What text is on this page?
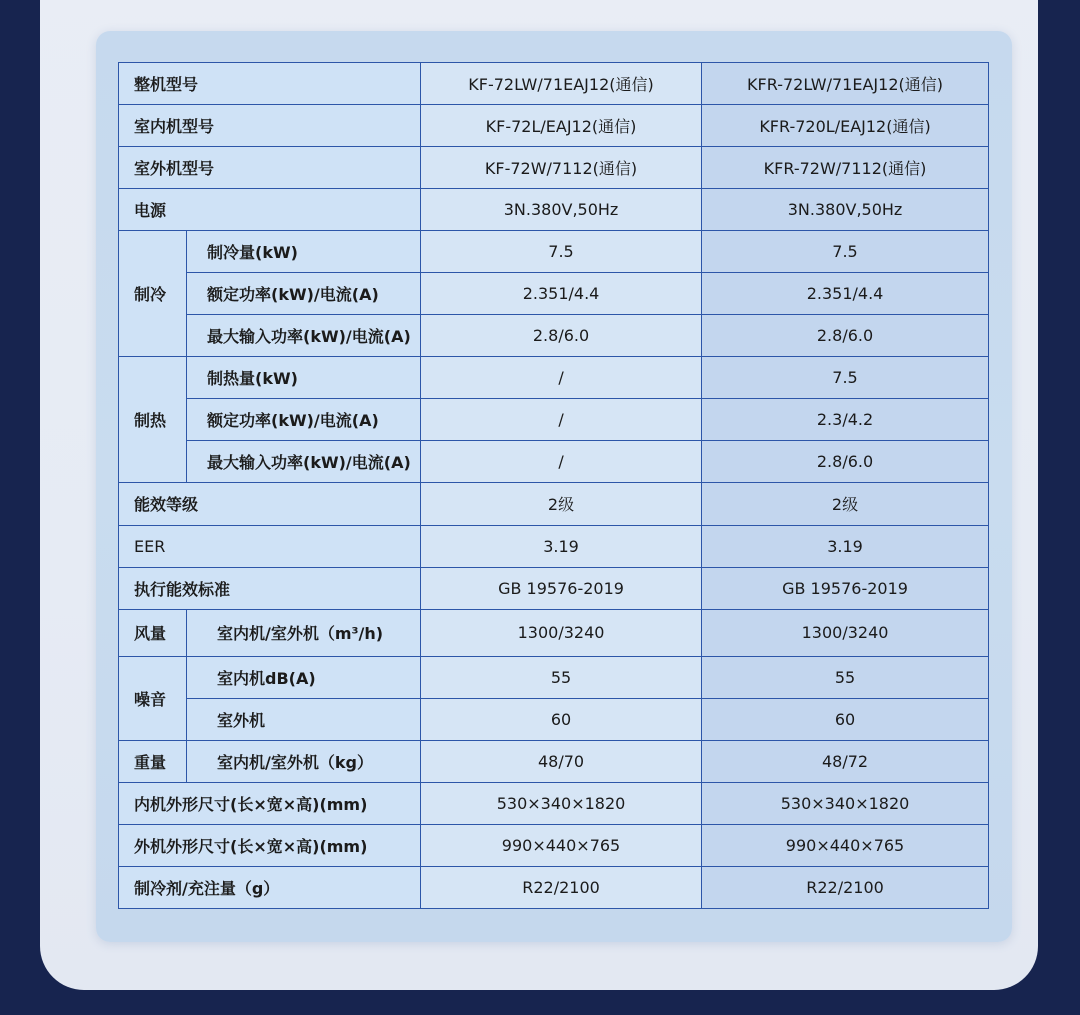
整机型号		KF-72LW/71EAJ12(通信)	KFR-72LW/71EAJ12(通信)
室内机型号		KF-72L/EAJ12(通信)	KFR-720L/EAJ12(通信)
室外机型号		KF-72W/7112(通信)	KFR-72W/7112(通信)
电源		3N.380V,50Hz	3N.380V,50Hz
制冷	制冷量(kW)	7.5	7.5
	额定功率(kW)/电流(A)	2.351/4.4	2.351/4.4
	最大输入功率(kW)/电流(A)	2.8/6.0	2.8/6.0
制热	制热量(kW)	/	7.5
	额定功率(kW)/电流(A)	/	2.3/4.2
	最大输入功率(kW)/电流(A)	/	2.8/6.0
能效等级		2级	2级
EER		3.19	3.19
执行能效标准		GB 19576-2019	GB 19576-2019
风量	室内机/室外机（m³/h)	1300/3240	1300/3240
噪音	室内机dB(A)	55	55
	室外机	60	60
重量	室内机/室外机（kg）	48/70	48/72
内机外形尺寸(长×宽×高)(mm)		530×340×1820	530×340×1820
外机外形尺寸(长×宽×高)(mm)		990×440×765	990×440×765
制冷剂/充注量（g）		R22/2100	R22/2100
